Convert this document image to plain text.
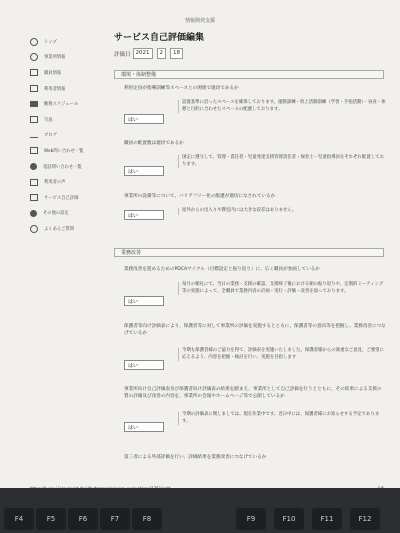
情報開発支援
トップ
事業所情報
職員情報
利用者情報
勤務スケジュール
写真
ブログ
Web問い合わせ一覧
電話問い合わせ一覧
利用者の声
サービス自己評価
その他の設定
よくあるご質問
サービス自己評価編集
評価日 2021	2	18
環境・体制整備
利用定員が指導訓練等スペースとの関係で適切であるか
はい
設置基準に沿ったスペースを確保しております。運動訓練・机上活動訓練（学習・手指活動）・昼食・休憩と目的に合わせたスペースの配慮しております。
職員の配置数は適切であるか
はい
国定に遵守して、管理・責任者・児童発達支援管理責任者・保育士・児童指導員をそれぞれ配置しております。
事業所の設備等について、バリアフリー化の配慮が適切になされているか
はい
屋外からの出入りや教室内には大きな段差はありません。
業務改善
業務改善を進めるためのPDCAサイクル（目標設定と振り返り）に、広く職員が参画しているか
はい
毎月の朝礼にて、当日の業務・支援の確認、支援終了後における朝の振り返りや、定期的ミーティング等の実施によって、全職員で業務内容の計画・実行・評価・改善を図っております。
保護者等向け評価表により、保護者等に対して事業所の評価を実施するとともに、保護者等の意向等を把握し、業務改善につなげているか
はい
今期も保護者様のご協力を得て、評価表を実施いたしました。保護者様からの貴重なご意見、ご要望に応えるよう、内容を把握・検討を行い、実施を目指します
事業所向け自己評価表及び保護者向け評価表の結果を踏まえ、事業所として自己評価を行うとともに、その結果による支援の質の評価及び改善の内容を、事業所の会報やホームページ等で公開しているか
はい
今期の評価表に関しましては、現在作業中です。近日中には、保護者様にお知らせする予定であります。
第三者による外部評価を行い、評価結果を業務改善につなげているか
F4	F5	F6	F7	F8	F9	F10	F11	F12
